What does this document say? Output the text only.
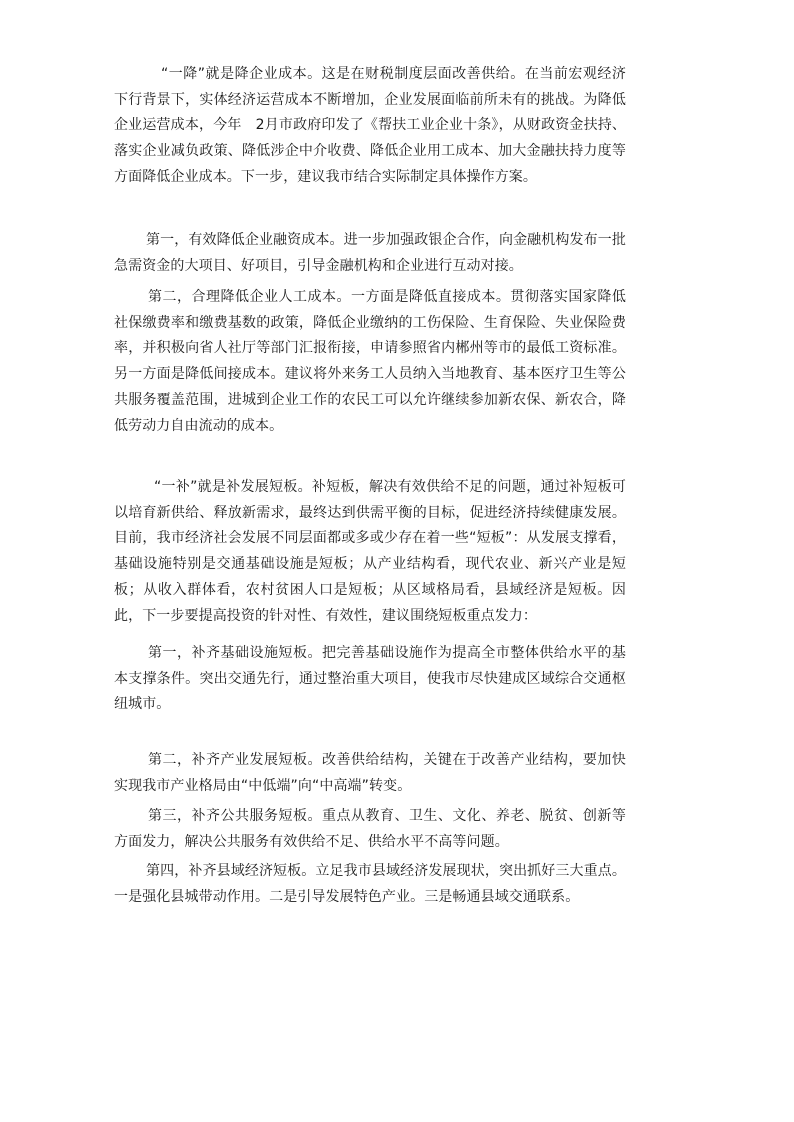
“一降”就是降企业成本。这是在财税制度层面改善供给。在当前宏观经济下行背景下，实体经济运营成本不断增加，企业发展面临前所未有的挑战。为降低企业运营成本，今年　2月市政府印发了《帮扶工业企业十条》，从财政资金扶持、落实企业减负政策、降低涉企中介收费、降低企业用工成本、加大金融扶持力度等方面降低企业成本。下一步，建议我市结合实际制定具体操作方案。

第一，有效降低企业融资成本。进一步加强政银企合作，向金融机构发布一批急需资金的大项目、好项目，引导金融机构和企业进行互动对接。

第二，合理降低企业人工成本。一方面是降低直接成本。贯彻落实国家降低社保缴费率和缴费基数的政策，降低企业缴纳的工伤保险、生育保险、失业保险费率，并积极向省人社厅等部门汇报衔接，申请参照省内郴州等市的最低工资标准。另一方面是降低间接成本。建议将外来务工人员纳入当地教育、基本医疗卫生等公共服务覆盖范围，进城到企业工作的农民工可以允许继续参加新农保、新农合，降低劳动力自由流动的成本。

“一补”就是补发展短板。补短板，解决有效供给不足的问题，通过补短板可以培育新供给、释放新需求，最终达到供需平衡的目标，促进经济持续健康发展。目前，我市经济社会发展不同层面都或多或少存在着一些“短板”：从发展支撑看，基础设施特别是交通基础设施是短板；从产业结构看，现代农业、新兴产业是短板；从收入群体看，农村贫困人口是短板；从区域格局看，县域经济是短板。因此，下一步要提高投资的针对性、有效性，建议围绕短板重点发力：

第一，补齐基础设施短板。把完善基础设施作为提高全市整体供给水平的基本支撑条件。突出交通先行，通过整治重大项目，使我市尽快建成区域综合交通枢纽城市。

第二，补齐产业发展短板。改善供给结构，关键在于改善产业结构，要加快实现我市产业格局由“中低端”向“中高端”转变。

第三，补齐公共服务短板。重点从教育、卫生、文化、养老、脱贫、创新等方面发力，解决公共服务有效供给不足、供给水平不高等问题。

第四，补齐县域经济短板。立足我市县域经济发展现状，突出抓好三大重点。一是强化县城带动作用。二是引导发展特色产业。三是畅通县域交通联系。
